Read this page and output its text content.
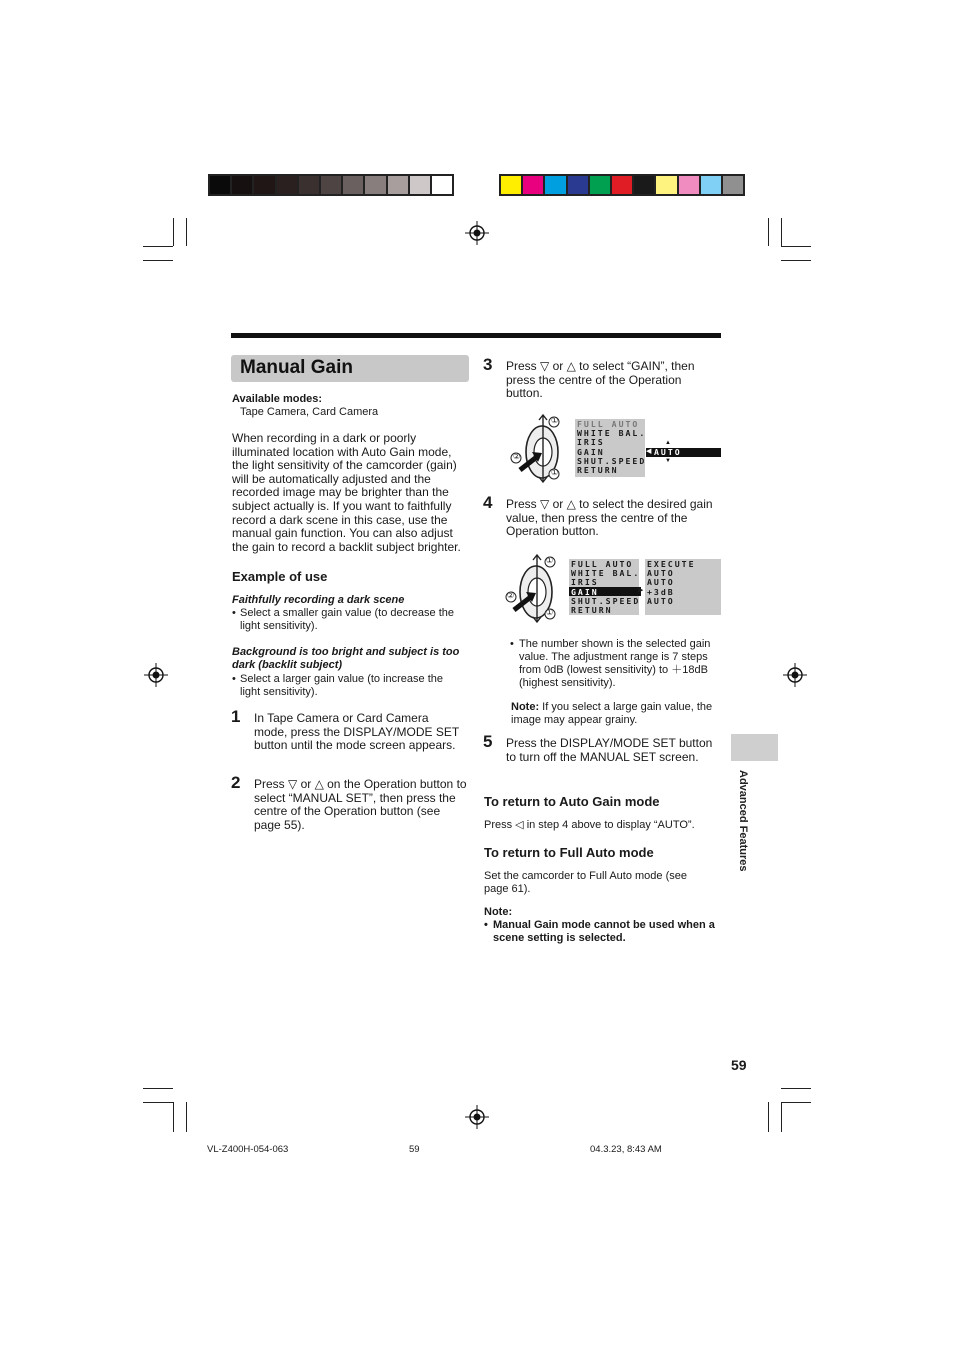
Manual Gain
Available modes:
Tape Camera, Card Camera
When recording in a dark or poorly illuminated location with Auto Gain mode, the light sensitivity of the camcorder (gain) will be automatically adjusted and the recorded image may be brighter than the subject actually is. If you want to faithfully record a dark scene in this case, use the manual gain function. You can also adjust the gain to record a backlit subject brighter.
Example of use
Faithfully recording a dark scene
• Select a smaller gain value (to decrease the light sensitivity).
Background is too bright and subject is too dark (backlit subject)
• Select a larger gain value (to increase the light sensitivity).
1 In Tape Camera or Card Camera mode, press the DISPLAY/MODE SET button until the mode screen appears.
2 Press ▽ or △ on the Operation button to select “MANUAL SET”, then press the centre of the Operation button (see page 55).
3 Press ▽ or △ to select “GAIN”, then press the centre of the Operation button.
①
②
①
FULL AUTO
WHITE BAL.
IRIS
GAIN
SHUT.SPEED
RETURN
AUTO
◀
▲
▼
4 Press ▽ or △ to select the desired gain value, then press the centre of the Operation button.
①
②
①
FULL AUTO
WHITE BAL.
IRIS
GAIN
SHUT.SPEED
RETURN
▶
EXECUTE
AUTO
AUTO
+3dB
AUTO
• The number shown is the selected gain value. The adjustment range is 7 steps from 0dB (lowest sensitivity) to ＋18dB (highest sensitivity).
Note: If you select a large gain value, the image may appear grainy.
5 Press the DISPLAY/MODE SET button to turn off the MANUAL SET screen.
To return to Auto Gain mode
Press ◁ in step 4 above to display “AUTO”.
To return to Full Auto mode
Set the camcorder to Full Auto mode (see page 61).
Note:
• Manual Gain mode cannot be used when a scene setting is selected.
Advanced Features
59
VL-Z400H-054-063	59	04.3.23, 8:43 AM
